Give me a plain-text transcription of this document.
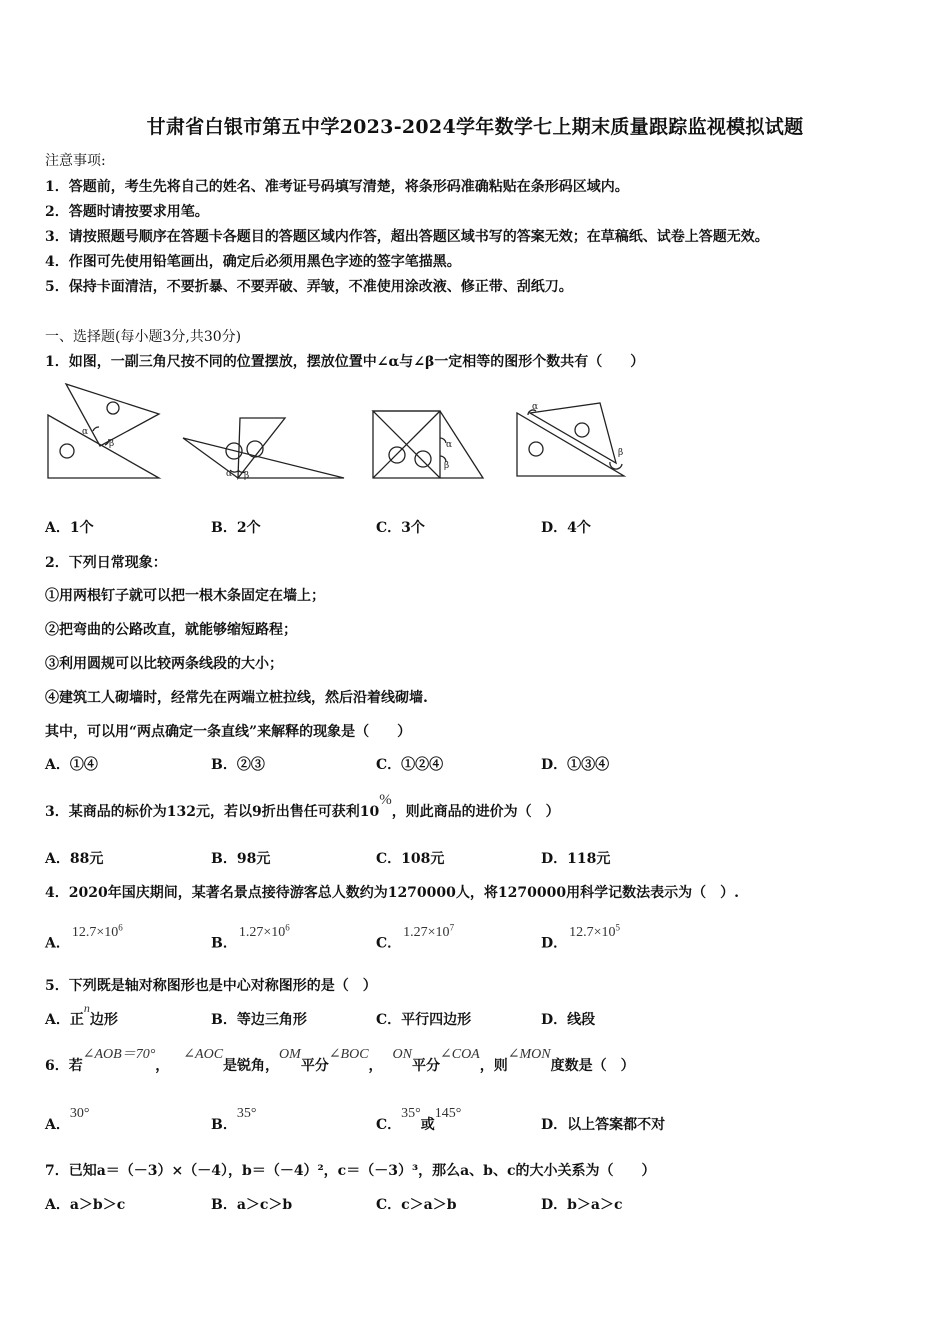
甘肃省白银市第五中学2023-2024学年数学七上期末质量跟踪监视模拟试题
注意事项:
1．答题前，考生先将自己的姓名、准考证号码填写清楚，将条形码准确粘贴在条形码区域内。
2．答题时请按要求用笔。
3．请按照题号顺序在答题卡各题目的答题区域内作答，超出答题区域书写的答案无效；在草稿纸、试卷上答题无效。
4．作图可先使用铅笔画出，确定后必须用黑色字迹的签字笔描黑。
5．保持卡面清洁，不要折暴、不要弄破、弄皱，不准使用涂改液、修正带、刮纸刀。
一、选择题(每小题3分,共30分)
1．如图，一副三角尺按不同的位置摆放，摆放位置中∠α与∠β一定相等的图形个数共有（　　）
α
β
α β
α
β
α
β
A．1个	B．2个	C．3个	D．4个
2．下列日常现象：
①用两根钉子就可以把一根木条固定在墙上；
②把弯曲的公路改直，就能够缩短路程；
③利用圆规可以比较两条线段的大小；
④建筑工人砌墙时，经常先在两端立桩拉线，然后沿着线砌墙.
其中，可以用“两点确定一条直线”来解释的现象是（　　）
A．①④	B．②③	C．①②④	D．①③④
3．某商品的标价为132元，若以9折出售任可获利10%，则此商品的进价为（　）
A．88元	B．98元	C．108元	D．118元
4．2020年国庆期间，某著名景点接待游客总人数约为1270000人，将1270000用科学记数法表示为（　）.
A．$12.7\times 10^6$
B．$1.27\times 10^6$
C．$1.27\times 10^7$
D．$12.7\times 10^5$
5．下列既是轴对称图形也是中心对称图形的是（　）
A．正n边形	B．等边三角形	C．平行四边形	D．线段
6．若∠AOB＝70°，∠AOC是锐角，OM平分∠BOC，ON平分∠COA，则∠MON度数是（　）
A．30°
B．35°
C．35°或145°
D．以上答案都不对
7．已知a＝（－3）×（－4），b＝（－4）²，c＝（－3）³，那么a、b、c的大小关系为（　　）
A．a＞b＞c	B．a＞c＞b	C．c＞a＞b	D．b＞a＞c
